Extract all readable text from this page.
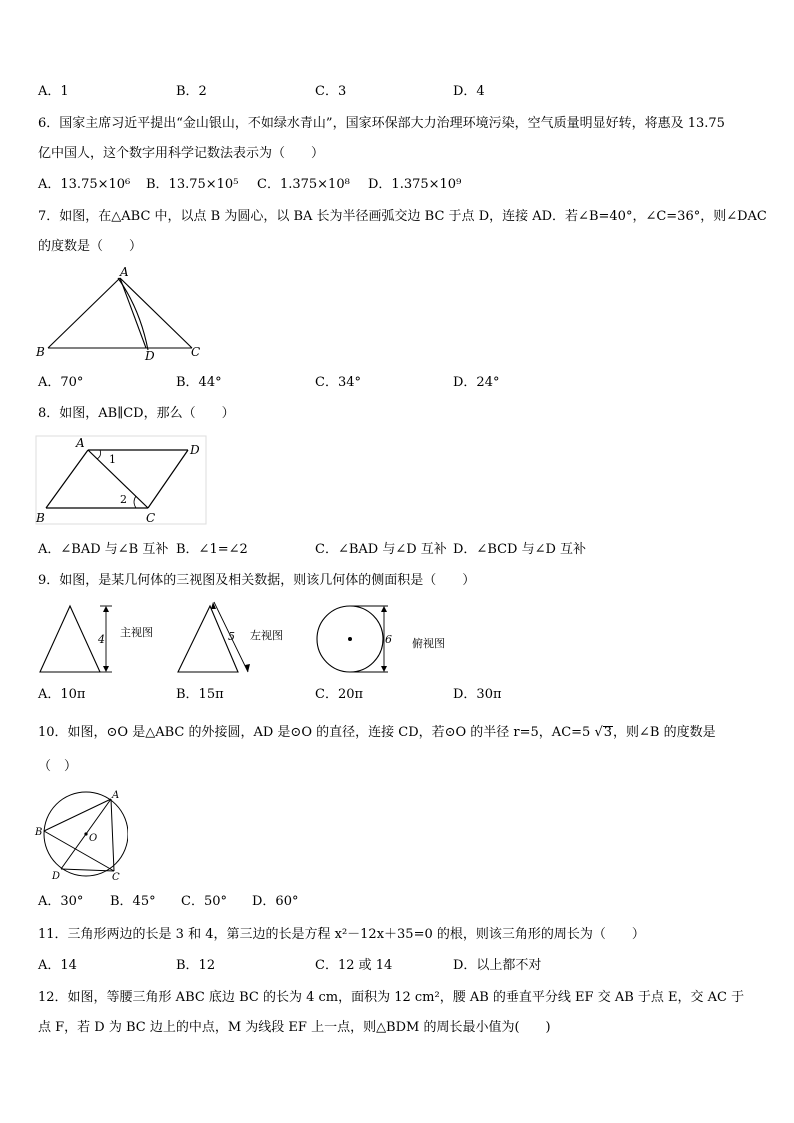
A．1	B．2	C．3	D．4
6．国家主席习近平提出“金山银山，不如绿水青山”，国家环保部大力治理环境污染，空气质量明显好转，将惠及 13.75
亿中国人，这个数字用科学记数法表示为（　　）
A．13.75×10⁶ B．13.75×10⁵ C．1.375×10⁸ D．1.375×10⁹
7．如图，在△ABC 中，以点 B 为圆心，以 BA 长为半径画弧交边 BC 于点 D，连接 AD．若∠B=40°，∠C=36°，则∠DAC
的度数是（　　）
A
B	D	C
A．70°	B．44°	C．34°	D．24°
8．如图，AB∥CD，那么（　　）
A	D
B	C
1
2
A．∠BAD 与∠B 互补 B．∠1=∠2	C．∠BAD 与∠D 互补 D．∠BCD 与∠D 互补
9．如图，是某几何体的三视图及相关数据，则该几何体的侧面积是（　　）
4
主视图	5 左视图	6 俯视图
A．10π	B．15π	C．20π	D．30π
10．如图，⊙O 是△ABC 的外接圆，AD 是⊙O 的直径，连接 CD，若⊙O 的半径 r=5，AC=5 √3，则∠B 的度数是
（　）
A
B
O
D	C
A．30° B．45° C．50° D．60°
11．三角形两边的长是 3 和 4，第三边的长是方程 x²－12x＋35=0 的根，则该三角形的周长为（　　）
A．14	B．12	C．12 或 14	D．以上都不对
12．如图，等腰三角形 ABC 底边 BC 的长为 4 cm，面积为 12 cm²，腰 AB 的垂直平分线 EF 交 AB 于点 E，交 AC 于
点 F，若 D 为 BC 边上的中点，M 为线段 EF 上一点，则△BDM 的周长最小值为(　　)
